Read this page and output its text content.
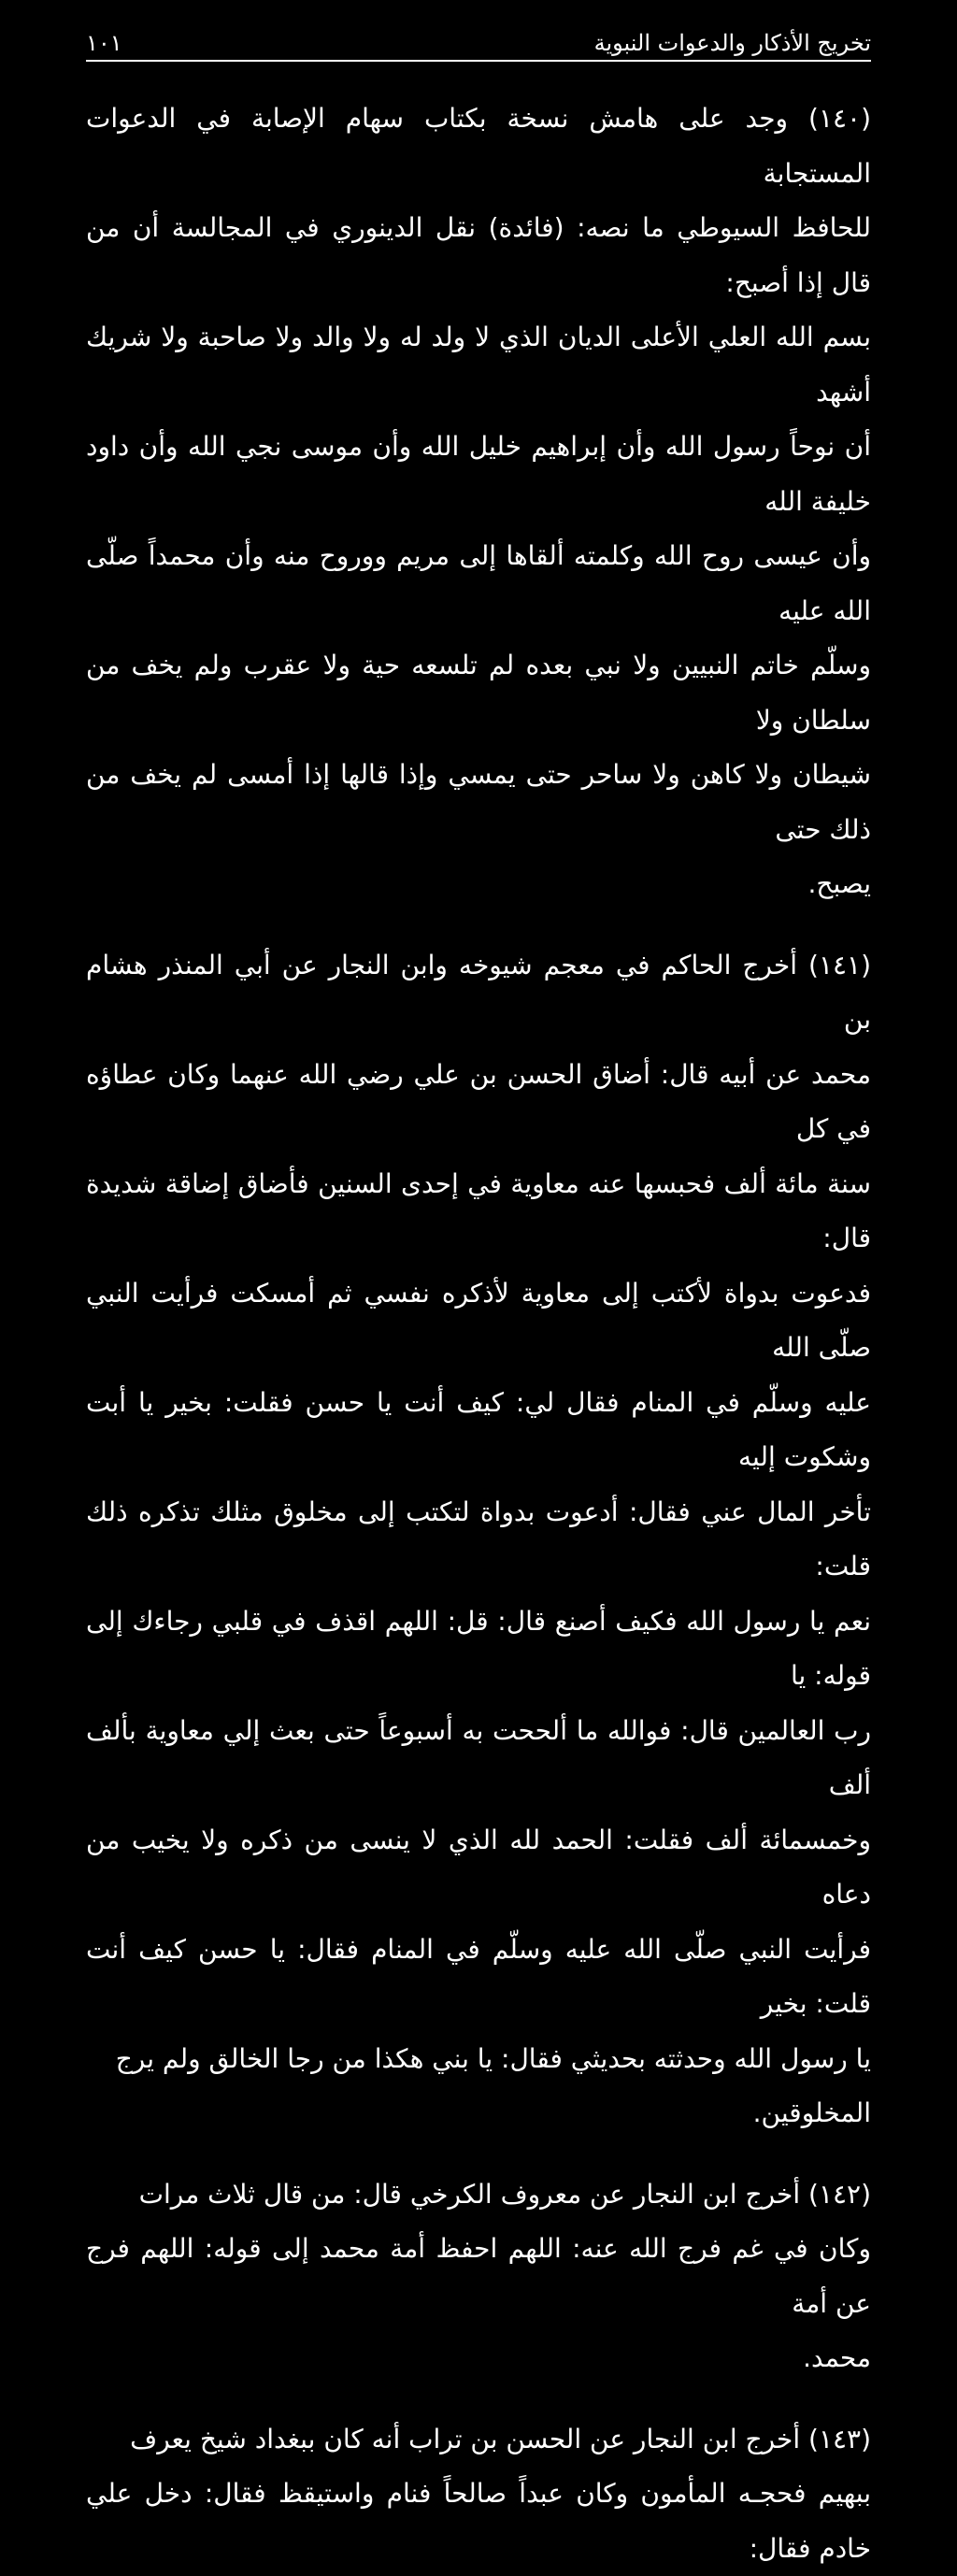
تخريج الأذكار والدعوات النبوية
١٠١

(١٤٠) وجد على هامش نسخة بكتاب سهام الإصابة في الدعوات المستجابة
للحافظ السيوطي ما نصه: (فائدة) نقل الدينوري في المجالسة أن من قال إذا أصبح:
بسم الله العلي الأعلى الديان الذي لا ولد له ولا والد ولا صاحبة ولا شريك أشهد
أن نوحاً رسول الله وأن إبراهيم خليل الله وأن موسى نجي الله وأن داود خليفة الله
وأن عيسى روح الله وكلمته ألقاها إلى مريم ووروح منه وأن محمداً صلّى الله عليه
وسلّم خاتم النبيين ولا نبي بعده لم تلسعه حية ولا عقرب ولم يخف من سلطان ولا
شيطان ولا كاهن ولا ساحر حتى يمسي وإذا قالها إذا أمسى لم يخف من ذلك حتى
يصبح.

(١٤١) أخرج الحاكم في معجم شيوخه وابن النجار عن أبي المنذر هشام بن
محمد عن أبيه قال: أضاق الحسن بن علي رضي الله عنهما وكان عطاؤه في كل
سنة مائة ألف فحبسها عنه معاوية في إحدى السنين فأضاق إضاقة شديدة قال:
فدعوت بدواة لأكتب إلى معاوية لأذكره نفسي ثم أمسكت فرأيت النبي صلّى الله
عليه وسلّم في المنام فقال لي: كيف أنت يا حسن فقلت: بخير يا أبت وشكوت إليه
تأخر المال عني فقال: أدعوت بدواة لتكتب إلى مخلوق مثلك تذكره ذلك قلت:
نعم يا رسول الله فكيف أصنع قال: قل: اللهم اقذف في قلبي رجاءك إلى قوله: يا
رب العالمين قال: فوالله ما ألححت به أسبوعاً حتى بعث إلي معاوية بألف ألف
وخمسمائة ألف فقلت: الحمد لله الذي لا ينسى من ذكره ولا يخيب من دعاه
فرأيت النبي صلّى الله عليه وسلّم في المنام فقال: يا حسن كيف أنت قلت: بخير
يا رسول الله وحدثته بحديثي فقال: يا بني هكذا من رجا الخالق ولم يرج
المخلوقين.

(١٤٢) أخرج ابن النجار عن معروف الكرخي قال: من قال ثلاث مرات
وكان في غم فرج الله عنه: اللهم احفظ أمة محمد إلى قوله: اللهم فرج عن أمة
محمد.

(١٤٣) أخرج ابن النجار عن الحسن بن تراب أنه كان ببغداد شيخ يعرف
ببهيم فحجـه المأمون وكان عبداً صالحاً فنام واستيقظ فقال: دخل علي خادم فقال:
